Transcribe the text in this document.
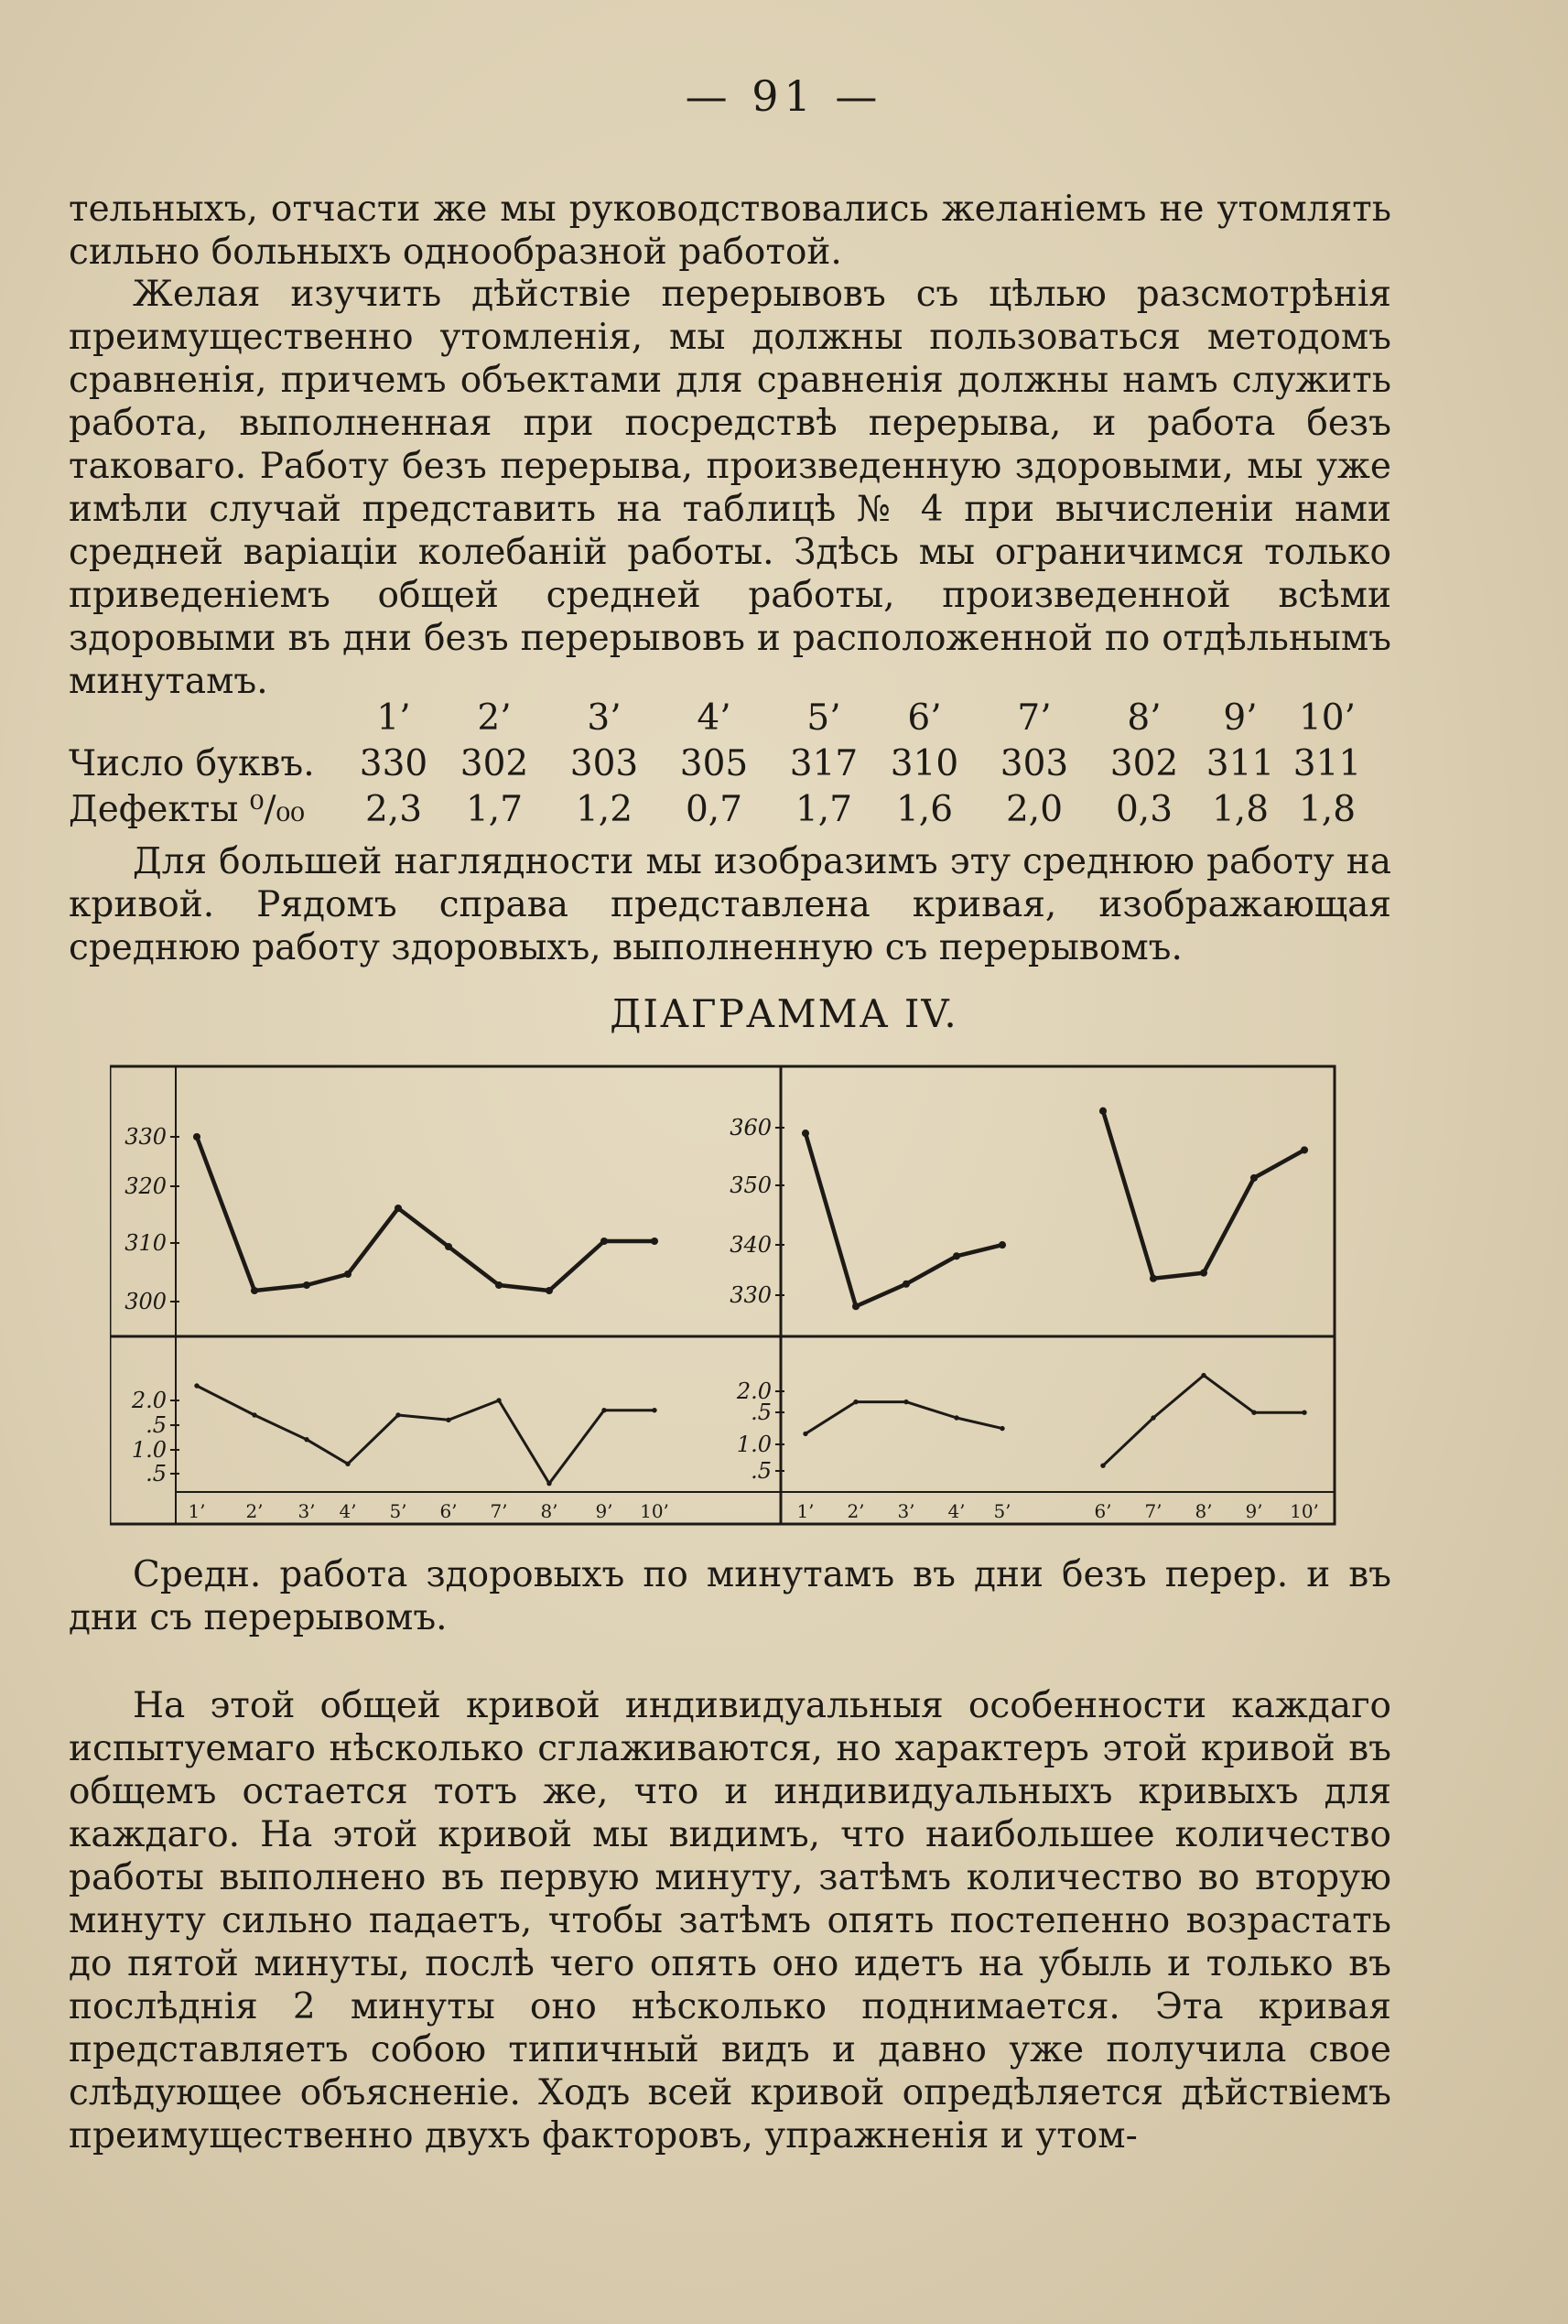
— 91 —

тельныхъ, отчасти же мы руководствовались желаніемъ не утомлять сильно больныхъ однообразной работой.

Желая изучить дѣйствіе перерывовъ съ цѣлью разсмотрѣнія преимущественно утомленія, мы должны пользоваться методомъ сравненія, причемъ объектами для сравненія должны намъ служить работа, выполненная при посредствѣ перерыва, и работа безъ таковаго. Работу безъ перерыва, произведенную здоровыми, мы уже имѣли случай представить на таблицѣ № 4 при вычисленіи нами средней варіаціи колебаній работы. Здѣсь мы ограничимся только приведеніемъ общей средней работы, произведенной всѣми здоровыми въ дни безъ перерывовъ и расположенной по отдѣльнымъ минутамъ.

1’	2’	3’	4’	5’	6’	7’	8’	9’	10’
Число буквъ. 330 302 303 305 317 310 303 302 311 311
Дефекты ⁰/₀₀	2,3	1,7	1,2	0,7	1,7	1,6	2,0	0,3	1,8 1,8

Для большей наглядности мы изобразимъ эту среднюю работу на кривой. Рядомъ справа представлена кривая, изображающая среднюю работу здоровыхъ, выполненную съ перерывомъ.

ДІАГРАММА IV.
330
320
310
300
2.0
.5
1.0
.5
1’ 2’ 3’ 4’ 5’ 6’ 7’ 8’ 9’ 10’
360
350
340
330
2.0
.5
1.0
.5
1’ 2’ 3’ 4’ 5’	6’ 7’ 8’ 9’ 10’

Средн. работа здоровыхъ по минутамъ въ дни безъ перер. и въ дни съ перерывомъ.

На этой общей кривой индивидуальныя особенности каждаго испытуемаго нѣсколько сглаживаются, но характеръ этой кривой въ общемъ остается тотъ же, что и индивидуальныхъ кривыхъ для каждаго. На этой кривой мы видимъ, что наибольшее количество работы выполнено въ первую минуту, затѣмъ количество во вторую минуту сильно падаетъ, чтобы затѣмъ опять постепенно возрастать до пятой минуты, послѣ чего опять оно идетъ на убыль и только въ послѣднія 2 минуты оно нѣсколько поднимается. Эта кривая представляетъ собою типичный видъ и давно уже получила свое слѣдующее объясненіе. Ходъ всей кривой опредѣляется дѣйствіемъ преимущественно двухъ факторовъ, упражненія и утом-
